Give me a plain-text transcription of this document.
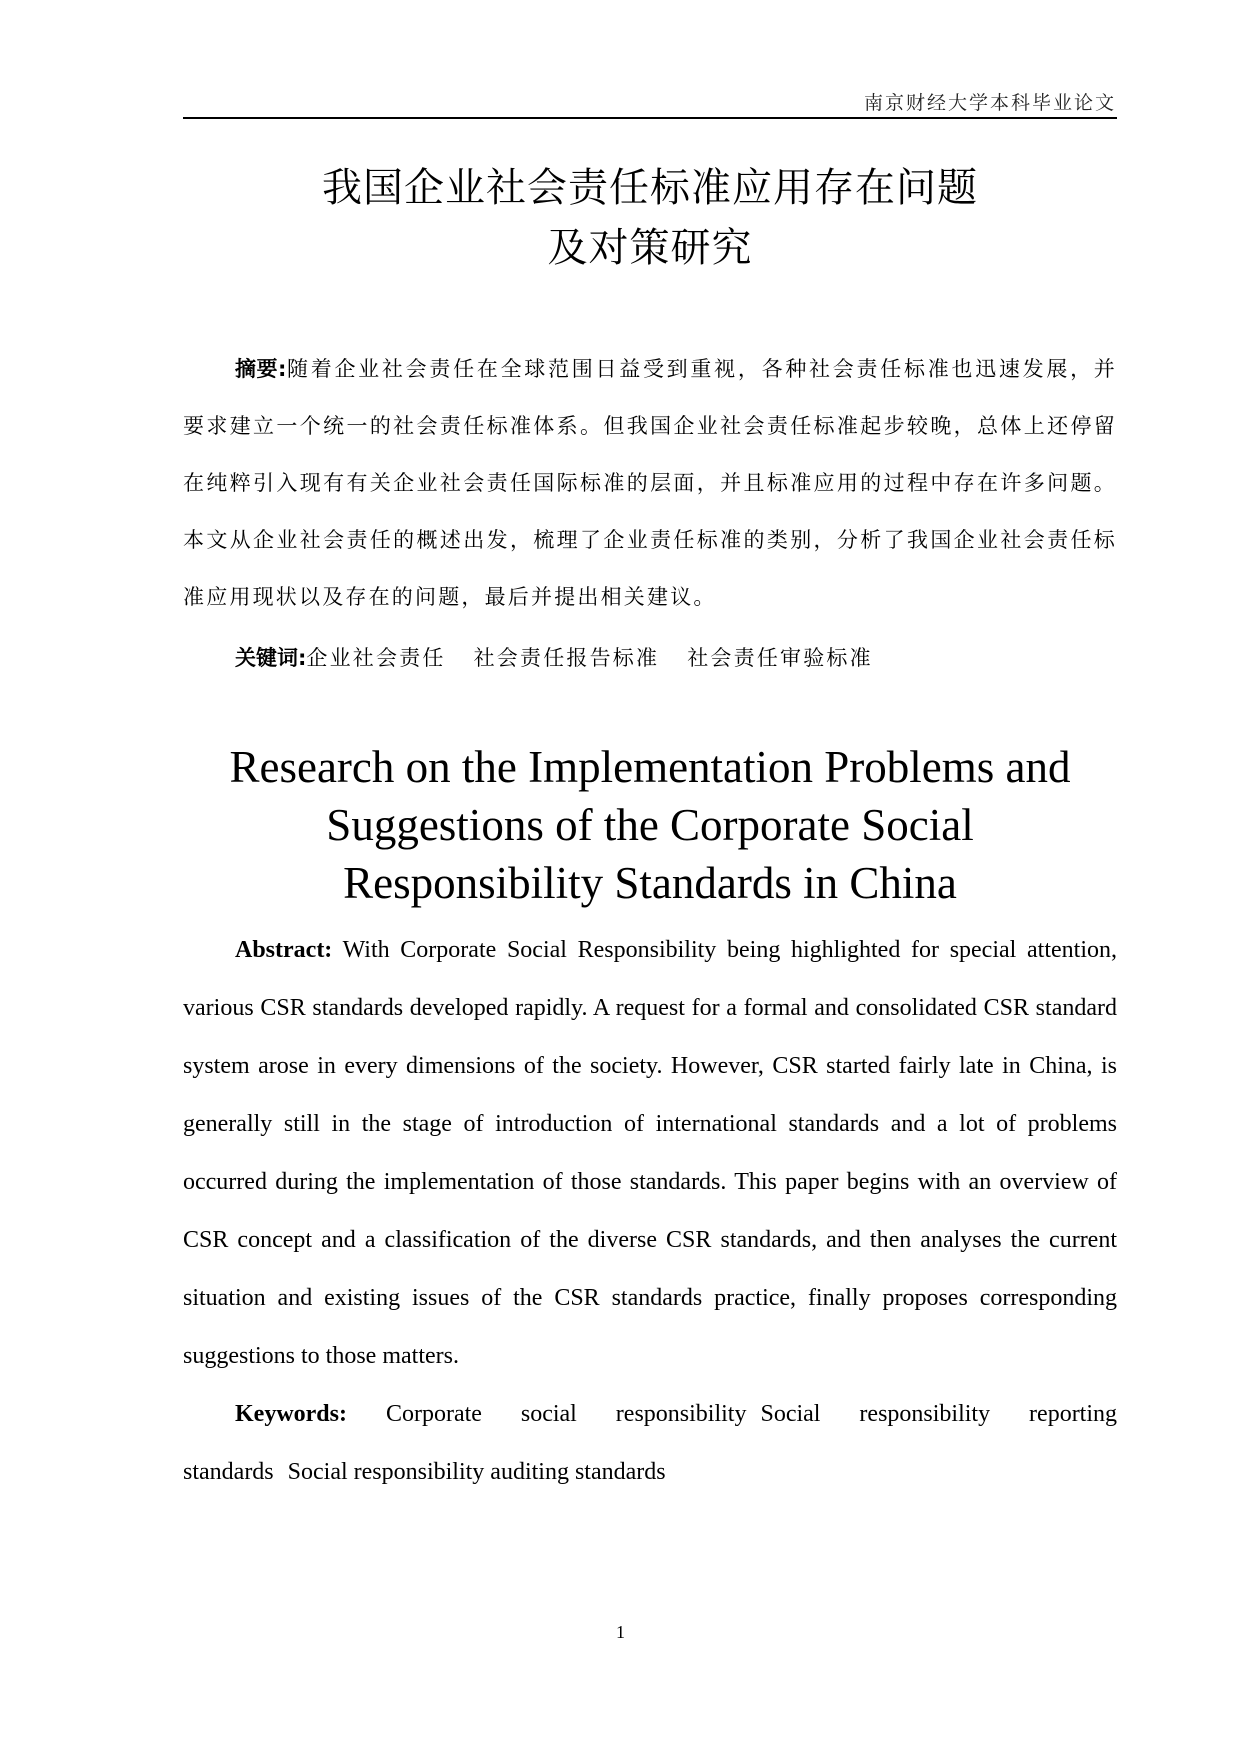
南京财经大学本科毕业论文
我国企业社会责任标准应用存在问题
及对策研究
摘要:随着企业社会责任在全球范围日益受到重视，各种社会责任标准也迅速发展，并要求建立一个统一的社会责任标准体系。但我国企业社会责任标准起步较晚，总体上还停留在纯粹引入现有有关企业社会责任国际标准的层面，并且标准应用的过程中存在许多问题。本文从企业社会责任的概述出发，梳理了企业责任标准的类别，分析了我国企业社会责任标准应用现状以及存在的问题，最后并提出相关建议。
关键词:企业社会责任 社会责任报告标准 社会责任审验标准
Research on the Implementation Problems and
Suggestions of the Corporate Social
Responsibility Standards in China
Abstract: With Corporate Social Responsibility being highlighted for special attention, various CSR standards developed rapidly. A request for a formal and consolidated CSR standard system arose in every dimensions of the society. However, CSR started fairly late in China, is generally still in the stage of introduction of international standards and a lot of problems occurred during the implementation of those standards. This paper begins with an overview of CSR concept and a classification of the diverse CSR standards, and then analyses the current situation and existing issues of the CSR standards practice, finally proposes corresponding suggestions to those matters.
Keywords: Corporate social responsibility Social responsibility reporting standards Social responsibility auditing standards
1
